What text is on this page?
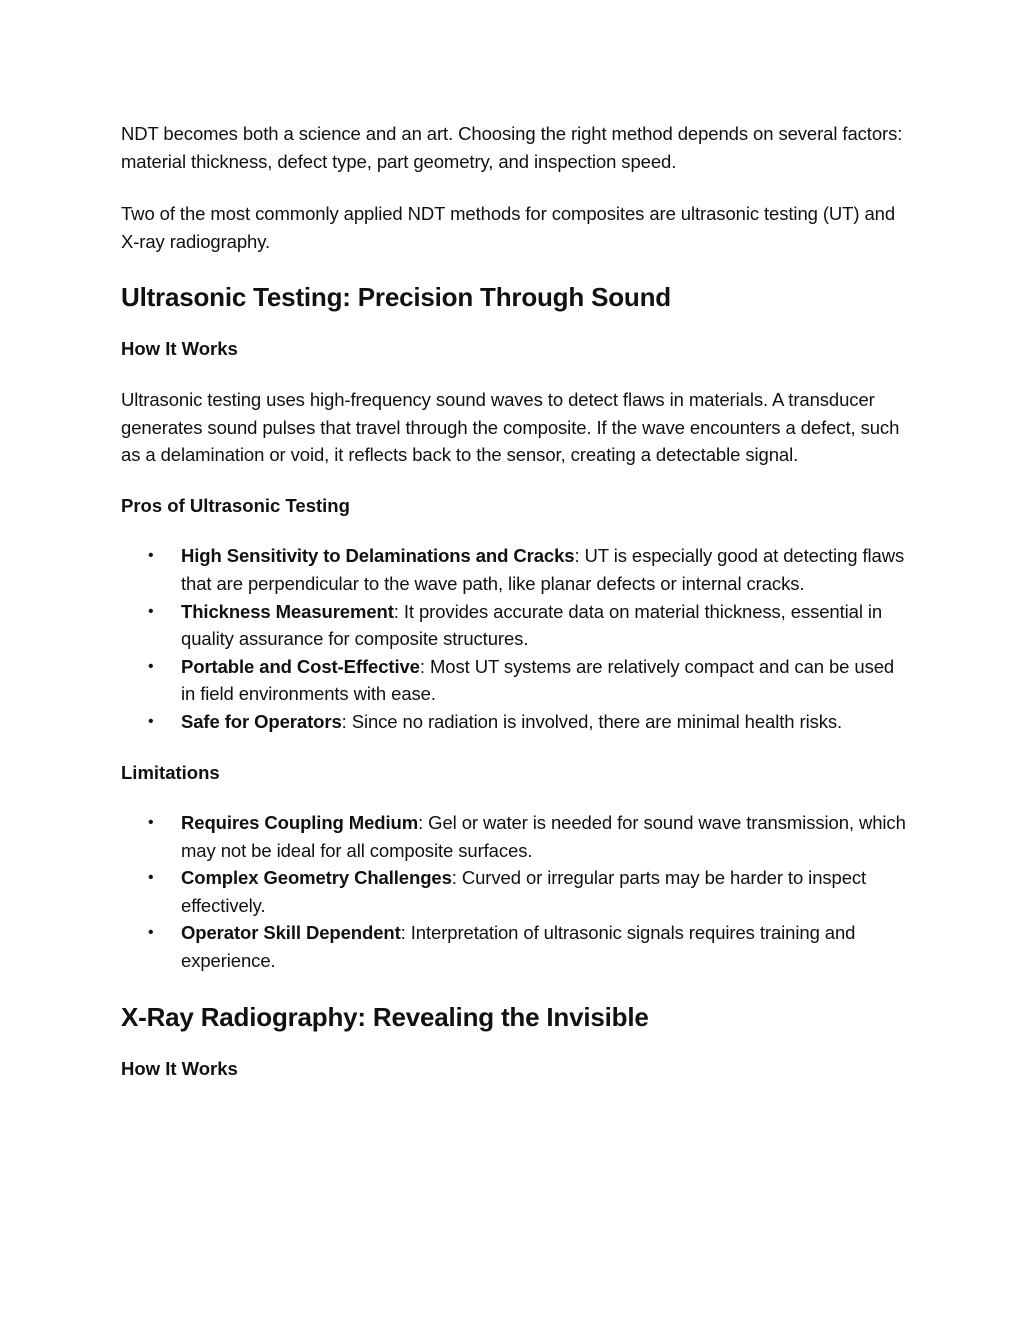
NDT becomes both a science and an art. Choosing the right method depends on several factors: material thickness, defect type, part geometry, and inspection speed.

Two of the most commonly applied NDT methods for composites are ultrasonic testing (UT) and X-ray radiography.

Ultrasonic Testing: Precision Through Sound
How It Works

Ultrasonic testing uses high-frequency sound waves to detect flaws in materials. A transducer generates sound pulses that travel through the composite. If the wave encounters a defect, such as a delamination or void, it reflects back to the sensor, creating a detectable signal.

Pros of Ultrasonic Testing
• High Sensitivity to Delaminations and Cracks: UT is especially good at detecting flaws that are perpendicular to the wave path, like planar defects or internal cracks.
• Thickness Measurement: It provides accurate data on material thickness, essential in quality assurance for composite structures.
• Portable and Cost-Effective: Most UT systems are relatively compact and can be used in field environments with ease.
• Safe for Operators: Since no radiation is involved, there are minimal health risks.
Limitations
• Requires Coupling Medium: Gel or water is needed for sound wave transmission, which may not be ideal for all composite surfaces.
• Complex Geometry Challenges: Curved or irregular parts may be harder to inspect effectively.
• Operator Skill Dependent: Interpretation of ultrasonic signals requires training and experience.
X-Ray Radiography: Revealing the Invisible
How It Works
